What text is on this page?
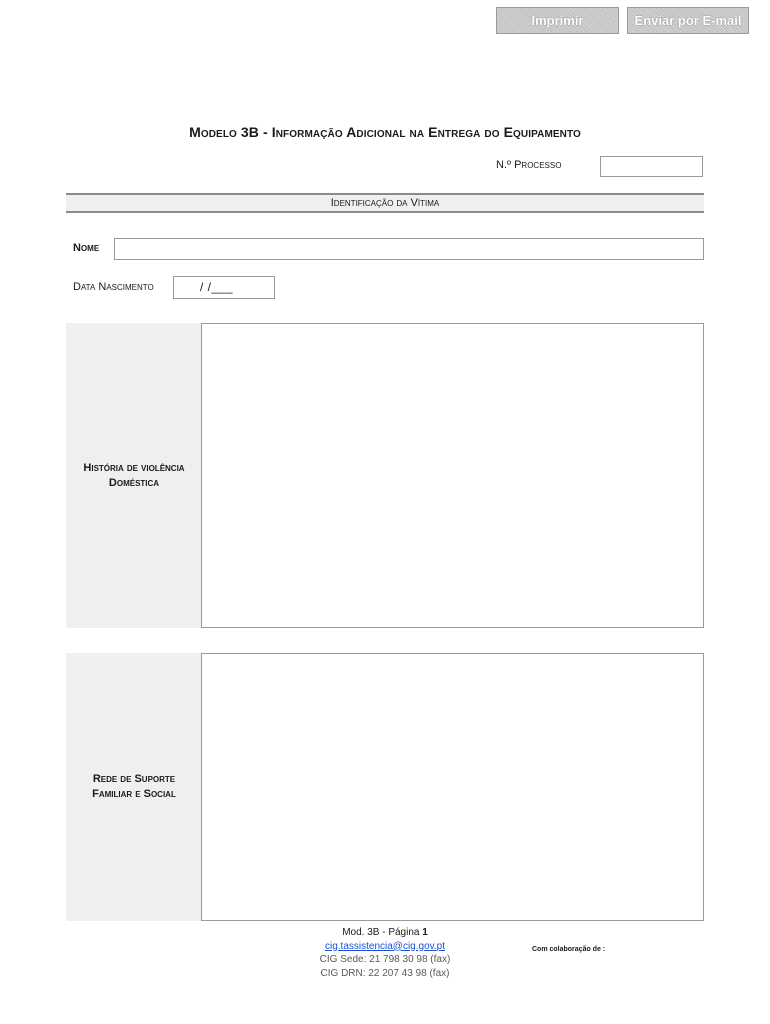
Imprimir	Enviar por E-mail
Modelo 3B - Informação Adicional na Entrega do Equipamento
N.º Processo
Identificação da Vítima
Nome
Data Nascimento	/ /___
História de violência
Doméstica
Rede de Suporte
Familiar e Social
Mod. 3B - Página 1
cig.tassistencia@cig.gov.pt
CIG Sede: 21 798 30 98 (fax)
CIG DRN: 22 207 43 98 (fax)
Com colaboração de :
